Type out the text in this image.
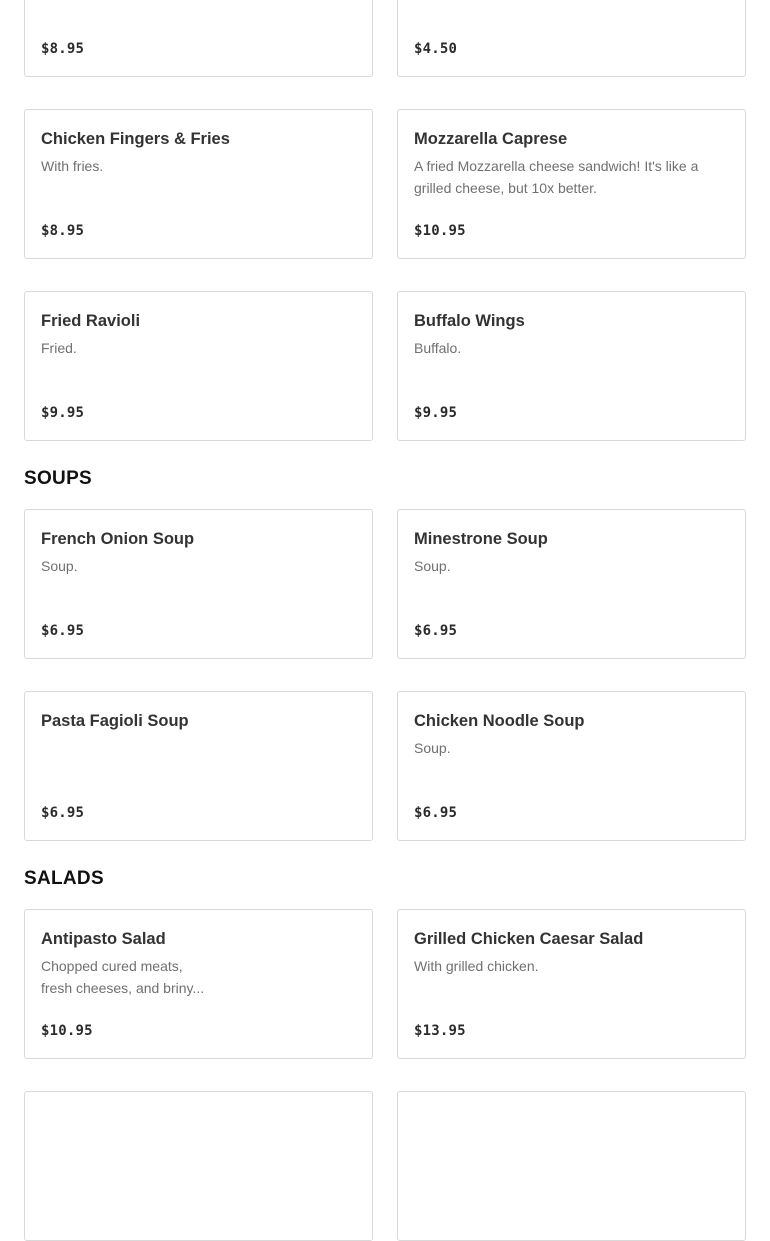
$8.95	$4.50
Chicken Fingers & Fries
With fries.
$8.95
Mozzarella Caprese
A fried Mozzarella cheese sandwich! It's like a grilled cheese, but 10x better.
$10.95
Fried Ravioli
Fried.
$9.95
Buffalo Wings
Buffalo.
$9.95
SOUPS
French Onion Soup
Soup.
$6.95
Minestrone Soup
Soup.
$6.95
Pasta Fagioli Soup
$6.95
Chicken Noodle Soup
Soup.
$6.95
SALADS
Antipasto Salad
Chopped cured meats, fresh cheeses, and briny...
$10.95
Grilled Chicken Caesar Salad
With grilled chicken.
$13.95
